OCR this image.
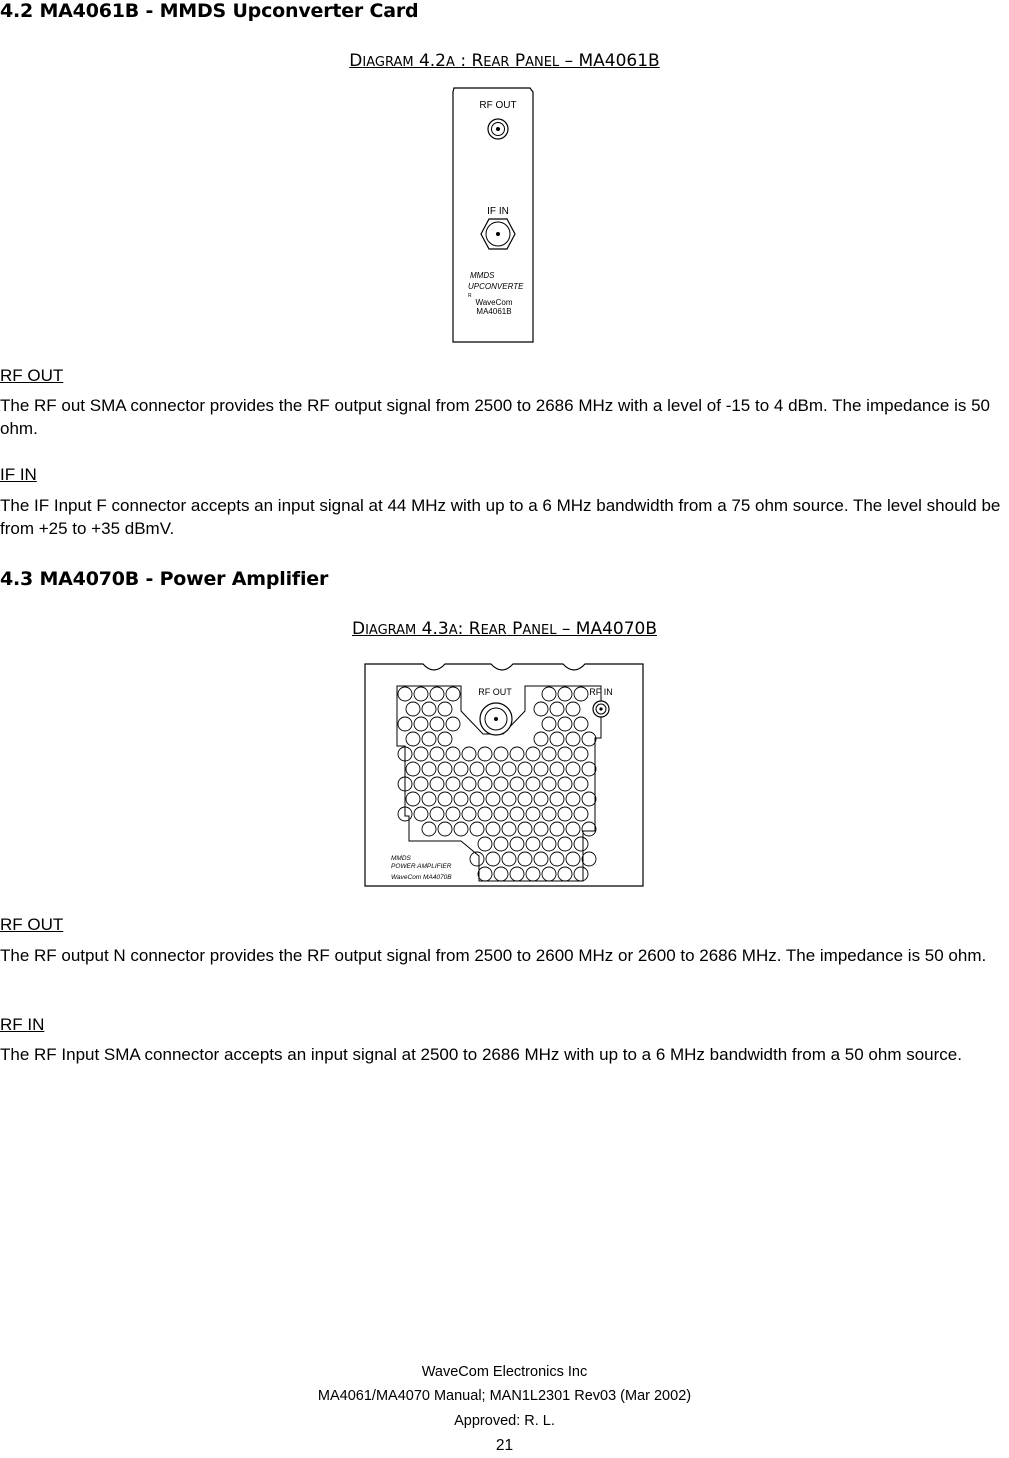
4.2 MA4061B - MMDS Upconverter Card
DIAGRAM 4.2A : REAR PANEL – MA4061B
RF OUT
IF IN
MMDS
UPCONVERTE
R
WaveCom
MA4061B
RF OUT
The RF out SMA connector provides the RF output signal from 2500 to 2686 MHz with a level of -15 to 4 dBm. The impedance is 50 ohm.
IF IN
The IF Input F connector accepts an input signal at 44 MHz with up to a 6 MHz bandwidth from a 75 ohm source. The level should be from +25 to +35 dBmV.
4.3 MA4070B - Power Amplifier
DIAGRAM 4.3A: REAR PANEL – MA4070B
RF OUT	RF IN
MMDS
POWER AMPLIFIER
WaveCom MA4070B
RF OUT
The RF output N connector provides the RF output signal from 2500 to 2600 MHz or 2600 to 2686 MHz. The impedance is 50 ohm.
RF IN
The RF Input SMA connector accepts an input signal at 2500 to 2686 MHz with up to a 6 MHz bandwidth from a 50 ohm source.
WaveCom Electronics Inc
MA4061/MA4070 Manual; MAN1L2301 Rev03 (Mar 2002)
Approved: R. L.
21
